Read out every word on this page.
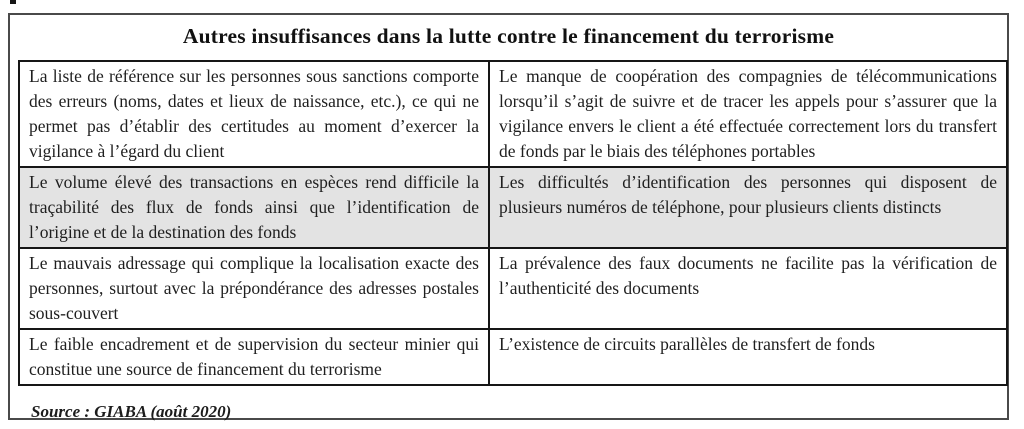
Autres insuffisances dans la lutte contre le financement du terrorisme
La liste de référence sur les personnes sous sanctions comporte des erreurs (noms, dates et lieux de naissance, etc.), ce qui ne permet pas d’établir des certitudes au moment d’exercer la vigilance à l’égard du client	Le manque de coopération des compagnies de télécommunications lorsqu’il s’agit de suivre et de tracer les appels pour s’assurer que la vigilance envers le client a été effectuée correctement lors du transfert de fonds par le biais des téléphones portables
Le volume élevé des transactions en espèces rend difficile la traçabilité des flux de fonds ainsi que l’identification de l’origine et de la destination des fonds	Les difficultés d’identification des personnes qui disposent de plusieurs numéros de téléphone, pour plusieurs clients distincts
Le mauvais adressage qui complique la localisation exacte des personnes, surtout avec la prépondérance des adresses postales sous-couvert	La prévalence des faux documents ne facilite pas la vérification de l’authenticité des documents
Le faible encadrement et de supervision du secteur minier qui constitue une source de financement du terrorisme	L’existence de circuits parallèles de transfert de fonds
Source : GIABA (août 2020)
